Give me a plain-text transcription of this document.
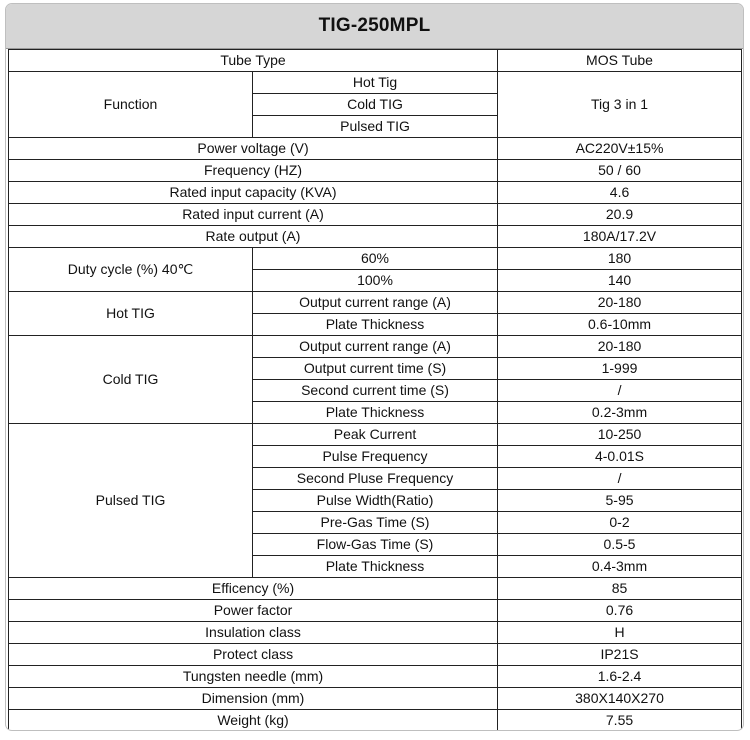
TIG-250MPL
Tube Type		MOS Tube
Function	Hot Tig	Tig 3 in 1
	Cold TIG	
	Pulsed TIG	
Power voltage (V)		AC220V±15%
Frequency (HZ)		50 / 60
Rated input capacity (KVA)		4.6
Rated input current (A)		20.9
Rate output (A)		180A/17.2V
Duty cycle (%) 40℃	60%	180
	100%	140
Hot TIG	Output current range (A)	20-180
	Plate Thickness	0.6-10mm
Cold TIG	Output current range (A)	20-180
	Output current time (S)	1-999
	Second current time (S)	/
	Plate Thickness	0.2-3mm
Pulsed TIG	Peak Current	10-250
	Pulse Frequency	4-0.01S
	Second Pluse Frequency	/
	Pulse Width(Ratio)	5-95
	Pre-Gas Time (S)	0-2
	Flow-Gas Time (S)	0.5-5
	Plate Thickness	0.4-3mm
Efficency (%)		85
Power factor		0.76
Insulation class		H
Protect class		IP21S
Tungsten needle (mm)		1.6-2.4
Dimension (mm)		380X140X270
Weight (kg)		7.55
